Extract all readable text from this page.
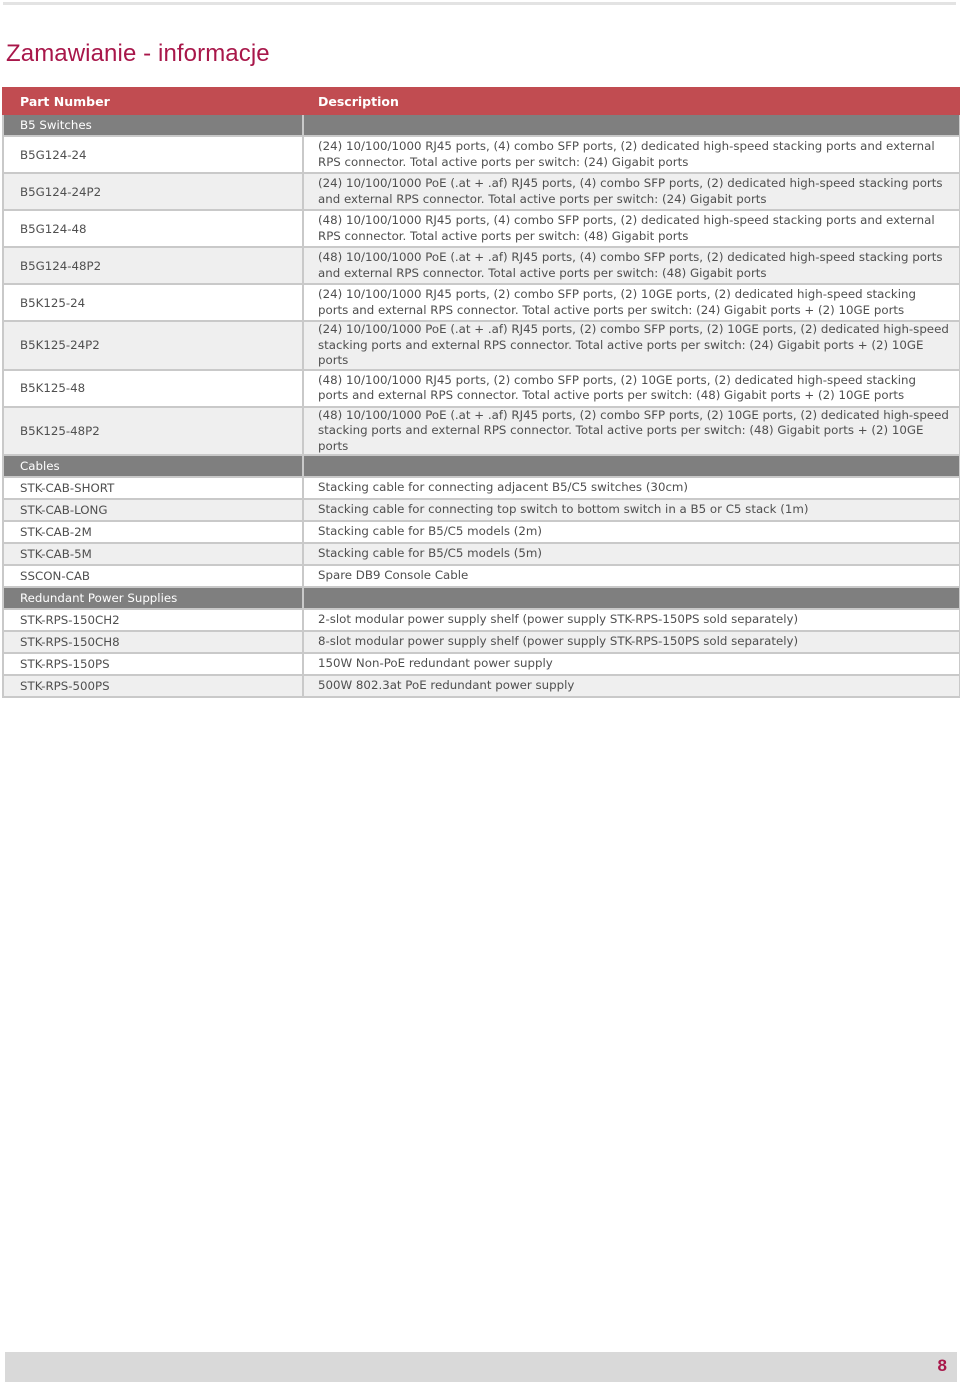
Zamawianie - informacje
Part Number	Description
B5 Switches	
B5G124-24	(24) 10/100/1000 RJ45 ports, (4) combo SFP ports, (2) dedicated high-speed stacking ports and external RPS connector. Total active ports per switch: (24) Gigabit ports
B5G124-24P2	(24) 10/100/1000 PoE (.at + .af) RJ45 ports, (4) combo SFP ports, (2) dedicated high-speed stacking ports and external RPS connector. Total active ports per switch: (24) Gigabit ports
B5G124-48	(48) 10/100/1000 RJ45 ports, (4) combo SFP ports, (2) dedicated high-speed stacking ports and external RPS connector. Total active ports per switch: (48) Gigabit ports
B5G124-48P2	(48) 10/100/1000 PoE (.at + .af) RJ45 ports, (4) combo SFP ports, (2) dedicated high-speed stacking ports and external RPS connector. Total active ports per switch: (48) Gigabit ports
B5K125-24	(24) 10/100/1000 RJ45 ports, (2) combo SFP ports, (2) 10GE ports, (2) dedicated high-speed stacking ports and external RPS connector. Total active ports per switch: (24) Gigabit ports + (2) 10GE ports
B5K125-24P2	(24) 10/100/1000 PoE (.at + .af) RJ45 ports, (2) combo SFP ports, (2) 10GE ports, (2) dedicated high-speed stacking ports and external RPS connector. Total active ports per switch: (24) Gigabit ports + (2) 10GE ports
B5K125-48	(48) 10/100/1000 RJ45 ports, (2) combo SFP ports, (2) 10GE ports, (2) dedicated high-speed stacking ports and external RPS connector. Total active ports per switch: (48) Gigabit ports + (2) 10GE ports
B5K125-48P2	(48) 10/100/1000 PoE (.at + .af) RJ45 ports, (2) combo SFP ports, (2) 10GE ports, (2) dedicated high-speed stacking ports and external RPS connector. Total active ports per switch: (48) Gigabit ports + (2) 10GE ports
Cables	
STK-CAB-SHORT	Stacking cable for connecting adjacent B5/C5 switches (30cm)
STK-CAB-LONG	Stacking cable for connecting top switch to bottom switch in a B5 or C5 stack (1m)
STK-CAB-2M	Stacking cable for B5/C5 models (2m)
STK-CAB-5M	Stacking cable for B5/C5 models (5m)
SSCON-CAB	Spare DB9 Console Cable
Redundant Power Supplies	
STK-RPS-150CH2	2-slot modular power supply shelf (power supply STK-RPS-150PS sold separately)
STK-RPS-150CH8	8-slot modular power supply shelf (power supply STK-RPS-150PS sold separately)
STK-RPS-150PS	150W Non-PoE redundant power supply
STK-RPS-500PS	500W 802.3at PoE redundant power supply
8
